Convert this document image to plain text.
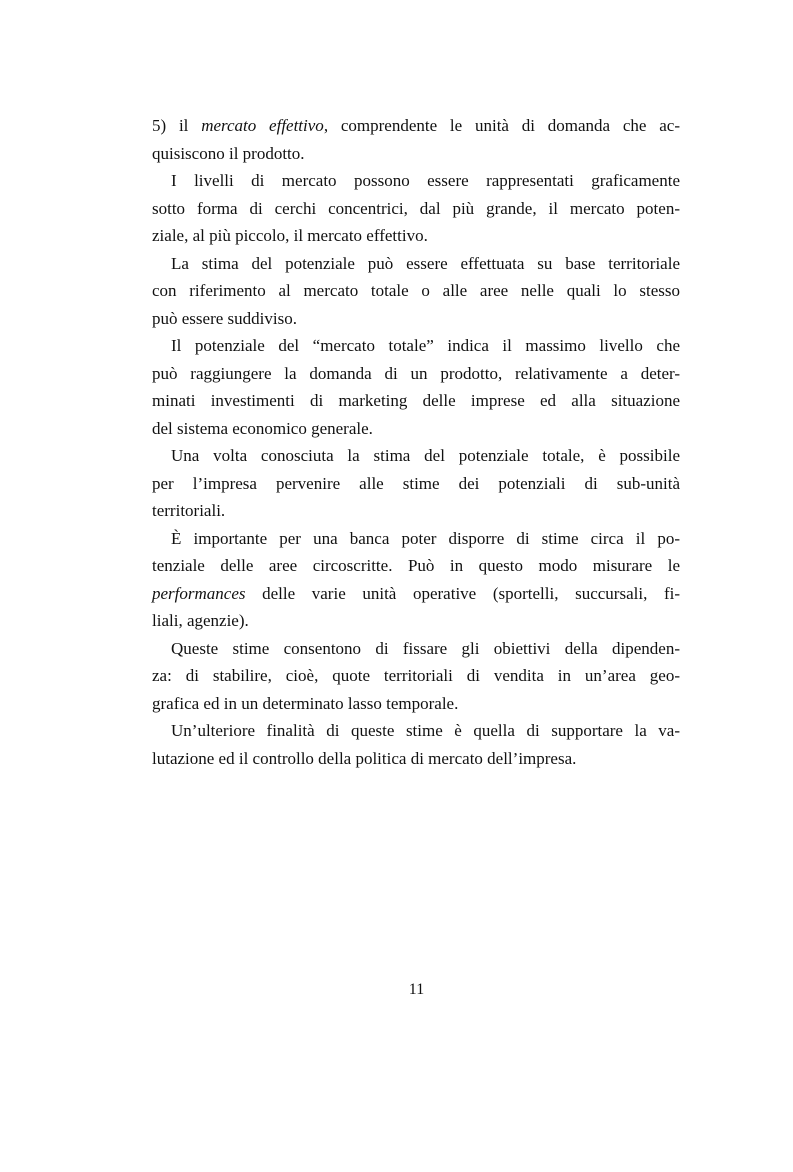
5) il mercato effettivo, comprendente le unità di domanda che ac-
quisiscono il prodotto.
I livelli di mercato possono essere rappresentati graficamente
sotto forma di cerchi concentrici, dal più grande, il mercato poten-
ziale, al più piccolo, il mercato effettivo.
La stima del potenziale può essere effettuata su base territoriale
con riferimento al mercato totale o alle aree nelle quali lo stesso
può essere suddiviso.
Il potenziale del “mercato totale” indica il massimo livello che
può raggiungere la domanda di un prodotto, relativamente a deter-
minati investimenti di marketing delle imprese ed alla situazione
del sistema economico generale.
Una volta conosciuta la stima del potenziale totale, è possibile
per l’impresa pervenire alle stime dei potenziali di sub-unità
territoriali.
È importante per una banca poter disporre di stime circa il po-
tenziale delle aree circoscritte. Può in questo modo misurare le
performances delle varie unità operative (sportelli, succursali, fi-
liali, agenzie).
Queste stime consentono di fissare gli obiettivi della dipenden-
za: di stabilire, cioè, quote territoriali di vendita in un’area geo-
grafica ed in un determinato lasso temporale.
Un’ulteriore finalità di queste stime è quella di supportare la va-
lutazione ed il controllo della politica di mercato dell’impresa.
11
